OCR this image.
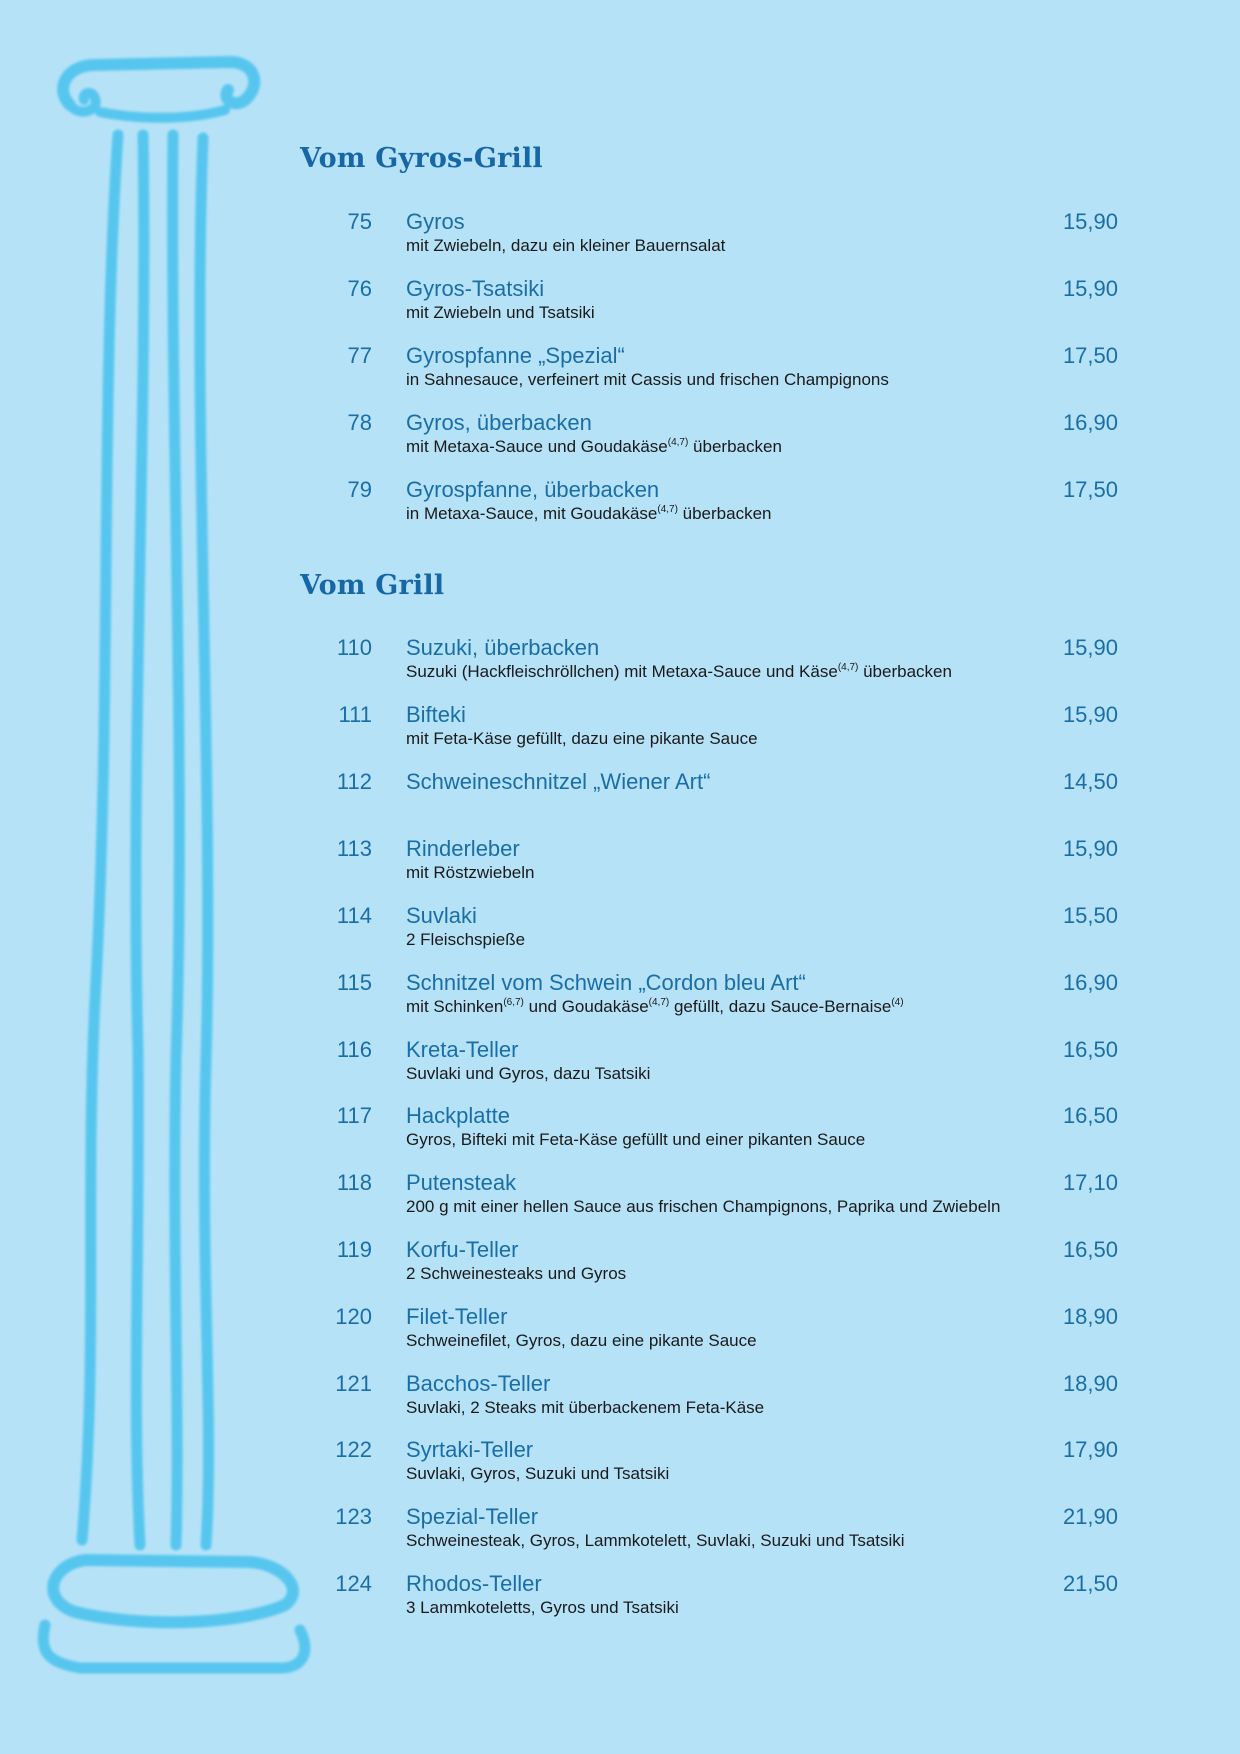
Vom Gyros-Grill
75 Gyros	15,90
mit Zwiebeln, dazu ein kleiner Bauernsalat
76 Gyros-Tsatsiki	15,90
mit Zwiebeln und Tsatsiki
77 Gyrospfanne „Spezial“	17,50
in Sahnesauce, verfeinert mit Cassis und frischen Champignons
78 Gyros, überbacken	16,90
mit Metaxa-Sauce und Goudakäse$^{(4,7)}$ überbacken
79 Gyrospfanne, überbacken	17,50
in Metaxa-Sauce, mit Goudakäse$^{(4,7)}$ überbacken
Vom Grill
110 Suzuki, überbacken	15,90
Suzuki (Hackfleischröllchen) mit Metaxa-Sauce und Käse$^{(4,7)}$ überbacken
111 Bifteki	15,90
mit Feta-Käse gefüllt, dazu eine pikante Sauce
112 Schweineschnitzel „Wiener Art“	14,50
113 Rinderleber	15,90
mit Röstzwiebeln
114 Suvlaki	15,50
2 Fleischspieße
115 Schnitzel vom Schwein „Cordon bleu Art“	16,90
mit Schinken$^{(6,7)}$ und Goudakäse$^{(4,7)}$ gefüllt, dazu Sauce-Bernaise$^{(4)}$
116 Kreta-Teller	16,50
Suvlaki und Gyros, dazu Tsatsiki
117 Hackplatte	16,50
Gyros, Bifteki mit Feta-Käse gefüllt und einer pikanten Sauce
118 Putensteak	17,10
200 g mit einer hellen Sauce aus frischen Champignons, Paprika und Zwiebeln
119 Korfu-Teller	16,50
2 Schweinesteaks und Gyros
120 Filet-Teller	18,90
Schweinefilet, Gyros, dazu eine pikante Sauce
121 Bacchos-Teller	18,90
Suvlaki, 2 Steaks mit überbackenem Feta-Käse
122 Syrtaki-Teller	17,90
Suvlaki, Gyros, Suzuki und Tsatsiki
123 Spezial-Teller	21,90
Schweinesteak, Gyros, Lammkotelett, Suvlaki, Suzuki und Tsatsiki
124 Rhodos-Teller	21,50
3 Lammkoteletts, Gyros und Tsatsiki
